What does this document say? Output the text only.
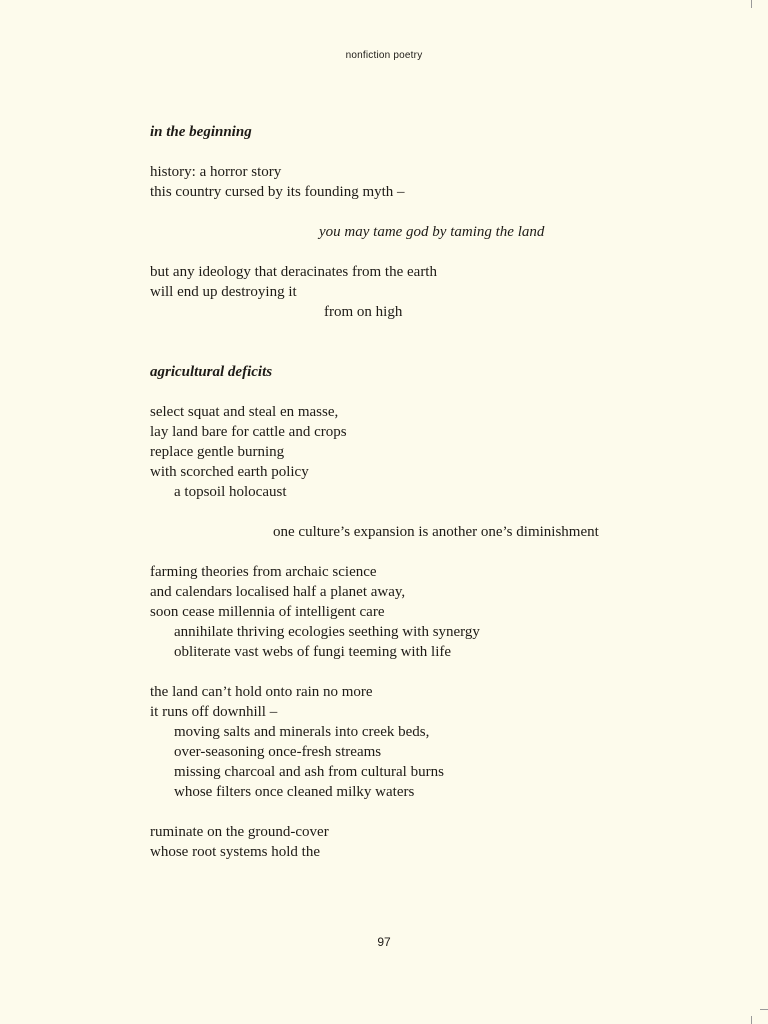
nonfiction poetry
in the beginning
history: a horror story
this country cursed by its founding myth –
you may tame god by taming the land
but any ideology that deracinates from the earth
will end up destroying it
from on high
agricultural deficits
select squat and steal en masse,
lay land bare for cattle and crops
replace gentle burning
with scorched earth policy
a topsoil holocaust
one culture’s expansion is another one’s diminishment
farming theories from archaic science
and calendars localised half a planet away,
soon cease millennia of intelligent care
annihilate thriving ecologies seething with synergy
obliterate vast webs of fungi teeming with life
the land can’t hold onto rain no more
it runs off downhill –
moving salts and minerals into creek beds,
over-seasoning once-fresh streams
missing charcoal and ash from cultural burns
whose filters once cleaned milky waters
ruminate on the ground-cover
whose root systems hold the
97
